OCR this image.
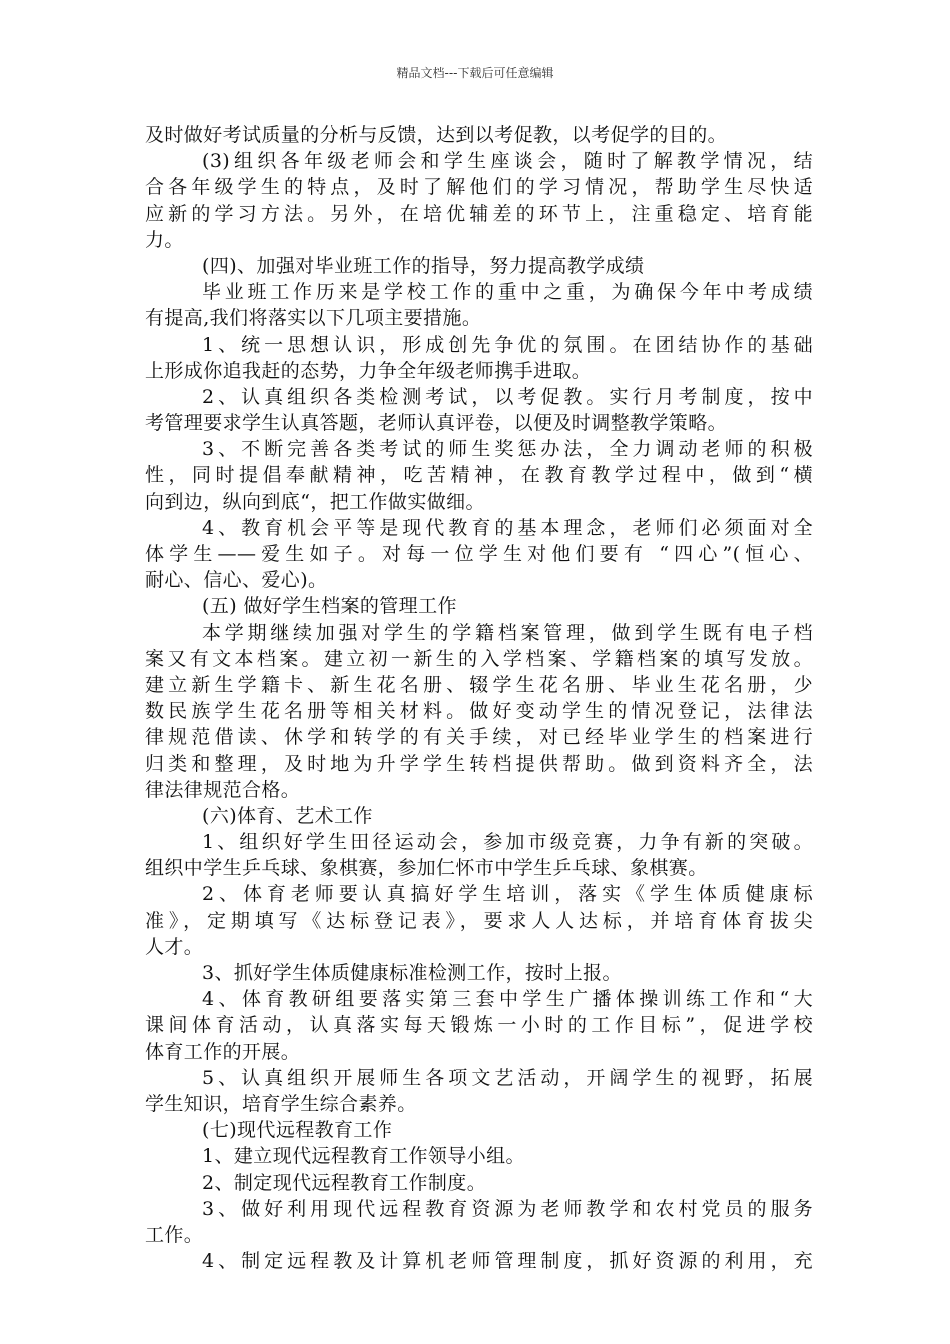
精品文档---下载后可任意编辑
及时做好考试质量的分析与反馈，达到以考促教，以考促学的目的。
(3)组织各年级老师会和学生座谈会，随时了解教学情况，结
合各年级学生的特点，及时了解他们的学习情况，帮助学生尽快适
应新的学习方法。另外，在培优辅差的环节上，注重稳定、培育能
力。
(四)、加强对毕业班工作的指导，努力提高教学成绩
毕业班工作历来是学校工作的重中之重，为确保今年中考成绩
有提高,我们将落实以下几项主要措施。
1、统一思想认识，形成创先争优的氛围。在团结协作的基础
上形成你追我赶的态势，力争全年级老师携手进取。
2、认真组织各类检测考试，以考促教。实行月考制度，按中
考管理要求学生认真答题，老师认真评卷，以便及时调整教学策略。
3、不断完善各类考试的师生奖惩办法，全力调动老师的积极
性，同时提倡奉献精神，吃苦精神，在教育教学过程中，做到“横
向到边，纵向到底“，把工作做实做细。
4、教育机会平等是现代教育的基本理念，老师们必须面对全
体学生——爱生如子。对每一位学生对他们要有 “四心”(恒心、
耐心、信心、爱心)。
(五) 做好学生档案的管理工作
本学期继续加强对学生的学籍档案管理，做到学生既有电子档
案又有文本档案。建立初一新生的入学档案、学籍档案的填写发放。
建立新生学籍卡、新生花名册、辍学生花名册、毕业生花名册，少
数民族学生花名册等相关材料。做好变动学生的情况登记，法律法
律规范借读、休学和转学的有关手续，对已经毕业学生的档案进行
归类和整理，及时地为升学学生转档提供帮助。做到资料齐全，法
律法律规范合格。
(六)体育、艺术工作
1、组织好学生田径运动会，参加市级竞赛，力争有新的突破。
组织中学生乒乓球、象棋赛，参加仁怀市中学生乒乓球、象棋赛。
2、体育老师要认真搞好学生培训，落实《学生体质健康标
准》，定期填写《达标登记表》，要求人人达标，并培育体育拔尖
人才。
3、抓好学生体质健康标准检测工作，按时上报。
4、体育教研组要落实第三套中学生广播体操训练工作和“大
课间体育活动，认真落实每天锻炼一小时的工作目标”，促进学校
体育工作的开展。
5、认真组织开展师生各项文艺活动，开阔学生的视野，拓展
学生知识，培育学生综合素养。
(七)现代远程教育工作
1、建立现代远程教育工作领导小组。
2、制定现代远程教育工作制度。
3、做好利用现代远程教育资源为老师教学和农村党员的服务
工作。
4、制定远程教及计算机老师管理制度，抓好资源的利用，充
